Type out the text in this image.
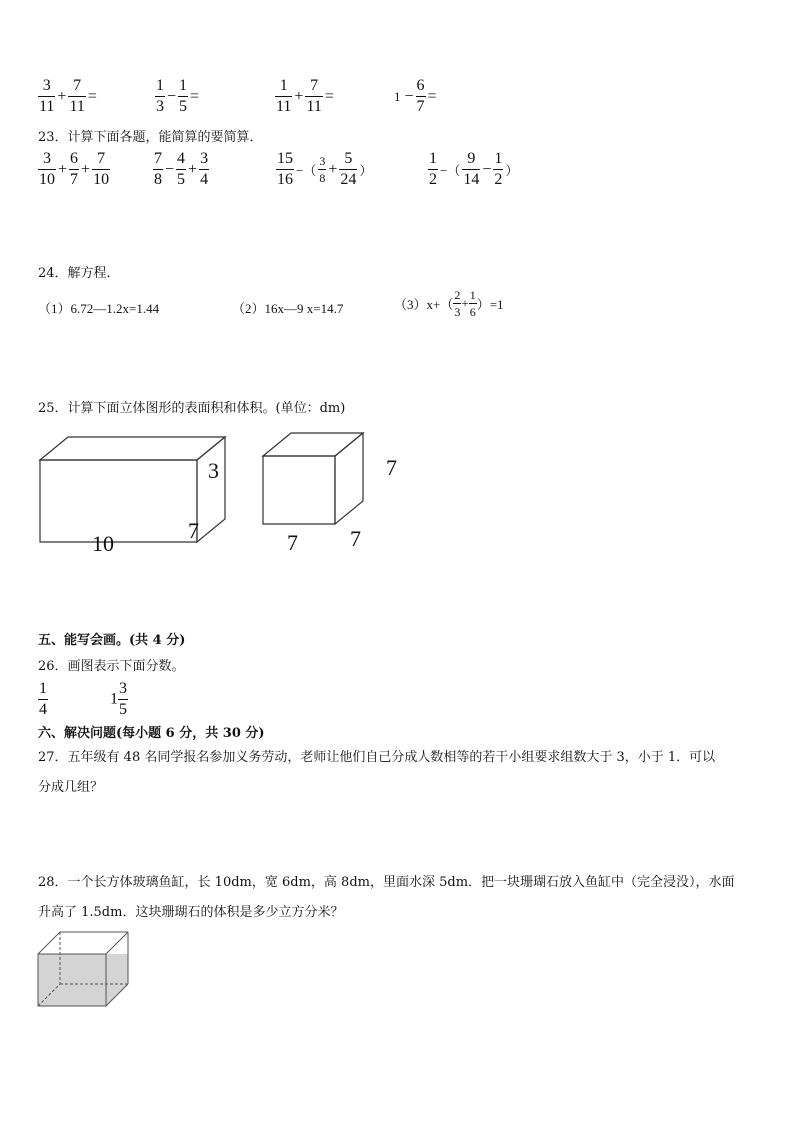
$\frac{3}{11} + \frac{7}{11}$ =	$\frac{1}{3} - \frac{1}{5}$ =	$\frac{1}{11} + \frac{7}{11}$ =	$1 - \frac{6}{7}$ =
23．计算下面各题，能简算的要简算．
$\frac{3}{10} + \frac{6}{7} + \frac{7}{10}$	$\frac{7}{8} - \frac{4}{5} + \frac{3}{4}$	$\frac{15}{16}$ −（ $\frac{3}{8} + \frac{5}{24}$ ）	$\frac{1}{2}$ −（ $\frac{9}{14} - \frac{1}{2}$ ）
24．解方程．
（1）6.72—1.2x=1.44	（2）16x—9 x=14.7	$(3)x+( \frac{2}{3} + \frac{1}{6} )=1$
25．计算下面立体图形的表面积和体积。(单位：dm)
3
7
10
7
7 7
五、能写会画。(共 4 分)
26．画图表示下面分数。
$\frac{1}{4}$	$1 \frac{3}{5}$
六、解决问题(每小题 6 分，共 30 分)
27．五年级有 48 名同学报名参加义务劳动，老师让他们自己分成人数相等的若干小组要求组数大于 3，小于 1．可以
分成几组？
28．一个长方体玻璃鱼缸，长 10dm，宽 6dm，高 8dm，里面水深 5dm．把一块珊瑚石放入鱼缸中（完全浸没），水面
升高了 1.5dm．这块珊瑚石的体积是多少立方分米？
